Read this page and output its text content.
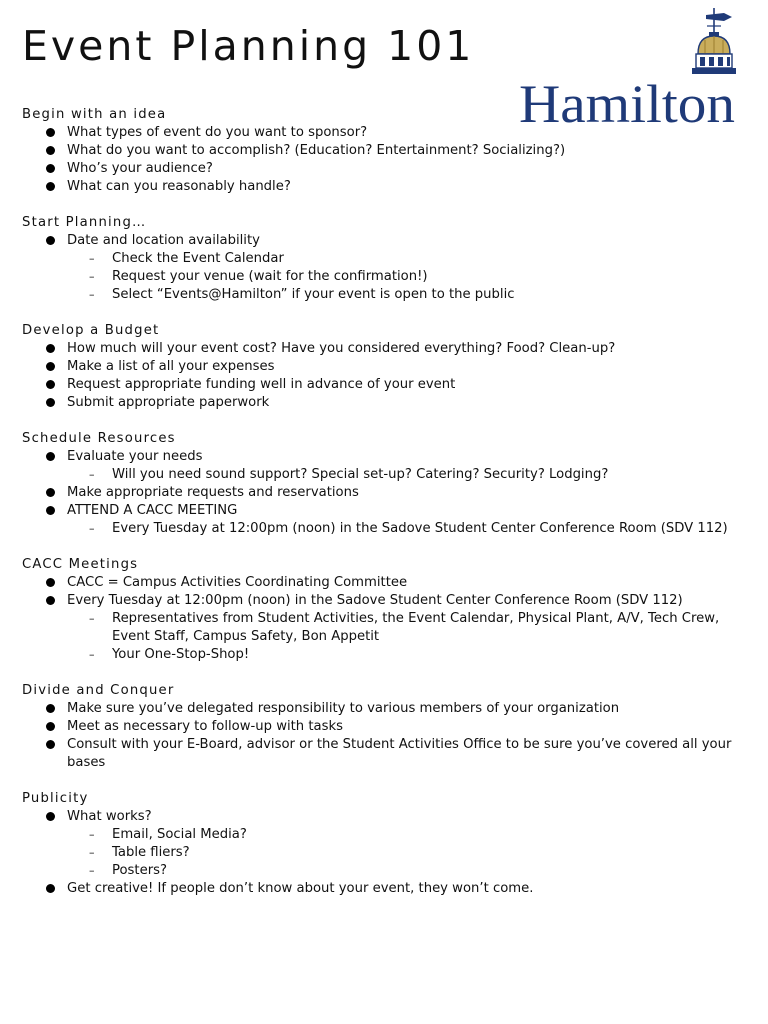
Event Planning 101
Hamilton
Begin with an idea
What types of event do you want to sponsor?
What do you want to accomplish? (Education? Entertainment? Socializing?)
Who’s your audience?
What can you reasonably handle?
Start Planning…
Date and location availability
– Check the Event Calendar
– Request your venue (wait for the confirmation!)
– Select “Events@Hamilton” if your event is open to the public
Develop a Budget
How much will your event cost? Have you considered everything? Food? Clean-up?
Make a list of all your expenses
Request appropriate funding well in advance of your event
Submit appropriate paperwork
Schedule Resources
Evaluate your needs
– Will you need sound support? Special set-up? Catering? Security? Lodging?
Make appropriate requests and reservations
ATTEND A CACC MEETING
– Every Tuesday at 12:00pm (noon) in the Sadove Student Center Conference Room (SDV 112)
CACC Meetings
CACC = Campus Activities Coordinating Committee
Every Tuesday at 12:00pm (noon) in the Sadove Student Center Conference Room (SDV 112)
– Representatives from Student Activities, the Event Calendar, Physical Plant, A/V, Tech Crew, Event Staff, Campus Safety, Bon Appetit
– Your One-Stop-Shop!
Divide and Conquer
Make sure you’ve delegated responsibility to various members of your organization
Meet as necessary to follow-up with tasks
Consult with your E-Board, advisor or the Student Activities Office to be sure you’ve covered all your bases
Publicity
What works?
– Email, Social Media?
– Table fliers?
– Posters?
Get creative! If people don’t know about your event, they won’t come.
